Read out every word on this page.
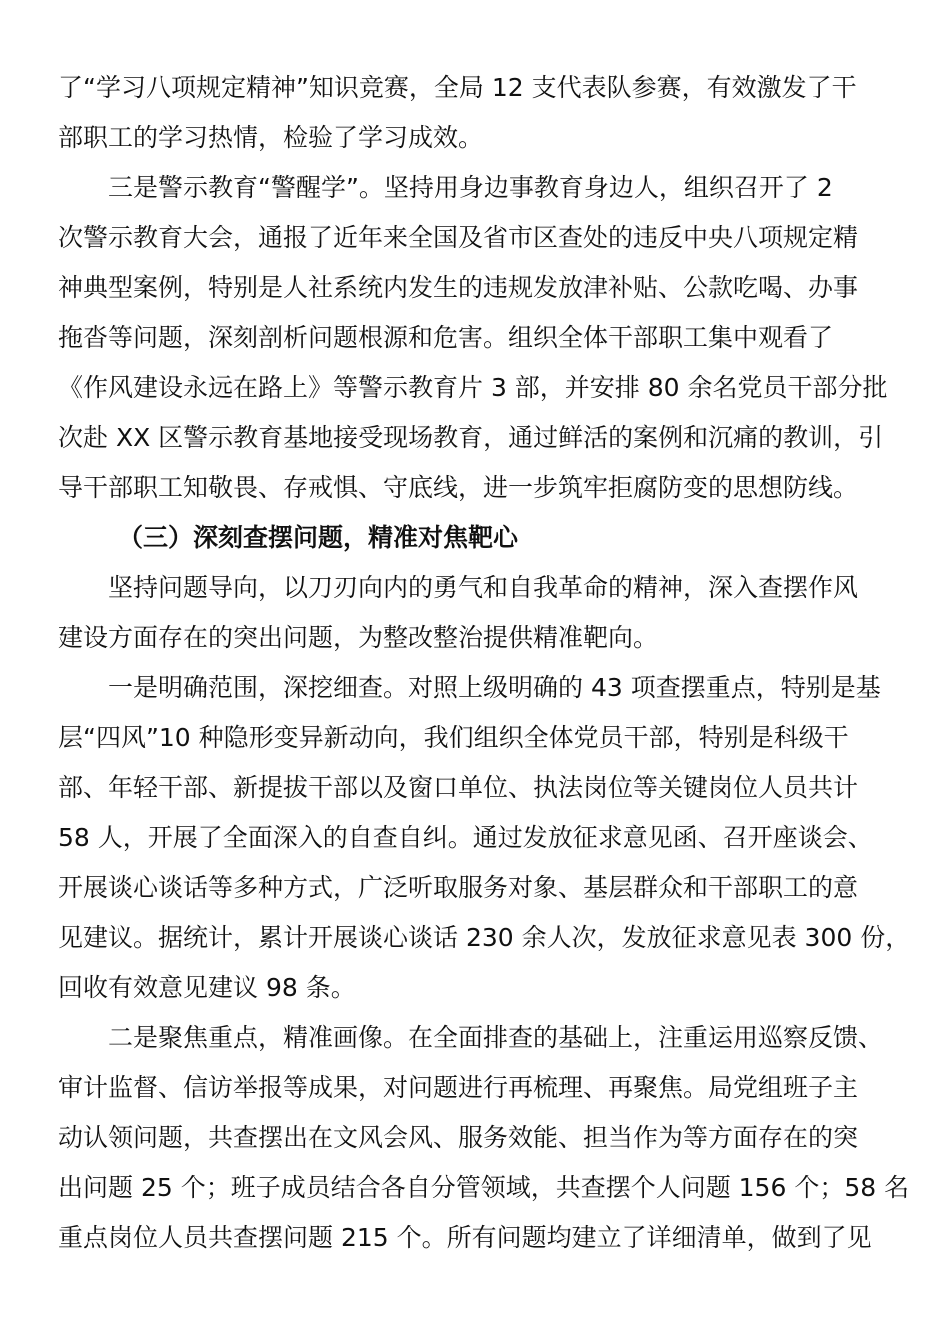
了“学习八项规定精神”知识竞赛，全局 12 支代表队参赛，有效激发了干

部职工的学习热情，检验了学习成效。

三是警示教育“警醒学”。坚持用身边事教育身边人，组织召开了 2

次警示教育大会，通报了近年来全国及省市区查处的违反中央八项规定精

神典型案例，特别是人社系统内发生的违规发放津补贴、公款吃喝、办事

拖沓等问题，深刻剖析问题根源和危害。组织全体干部职工集中观看了

《作风建设永远在路上》等警示教育片 3 部，并安排 80 余名党员干部分批

次赴 XX 区警示教育基地接受现场教育，通过鲜活的案例和沉痛的教训，引

导干部职工知敬畏、存戒惧、守底线，进一步筑牢拒腐防变的思想防线。

（三）深刻查摆问题，精准对焦靶心

坚持问题导向，以刀刃向内的勇气和自我革命的精神，深入查摆作风

建设方面存在的突出问题，为整改整治提供精准靶向。

一是明确范围，深挖细查。对照上级明确的 43 项查摆重点，特别是基

层“四风”10 种隐形变异新动向，我们组织全体党员干部，特别是科级干

部、年轻干部、新提拔干部以及窗口单位、执法岗位等关键岗位人员共计

58 人，开展了全面深入的自查自纠。通过发放征求意见函、召开座谈会、

开展谈心谈话等多种方式，广泛听取服务对象、基层群众和干部职工的意

见建议。据统计，累计开展谈心谈话 230 余人次，发放征求意见表 300 份，

回收有效意见建议 98 条。

二是聚焦重点，精准画像。在全面排查的基础上，注重运用巡察反馈、

审计监督、信访举报等成果，对问题进行再梳理、再聚焦。局党组班子主

动认领问题，共查摆出在文风会风、服务效能、担当作为等方面存在的突

出问题 25 个；班子成员结合各自分管领域，共查摆个人问题 156 个；58 名

重点岗位人员共查摆问题 215 个。所有问题均建立了详细清单，做到了见
